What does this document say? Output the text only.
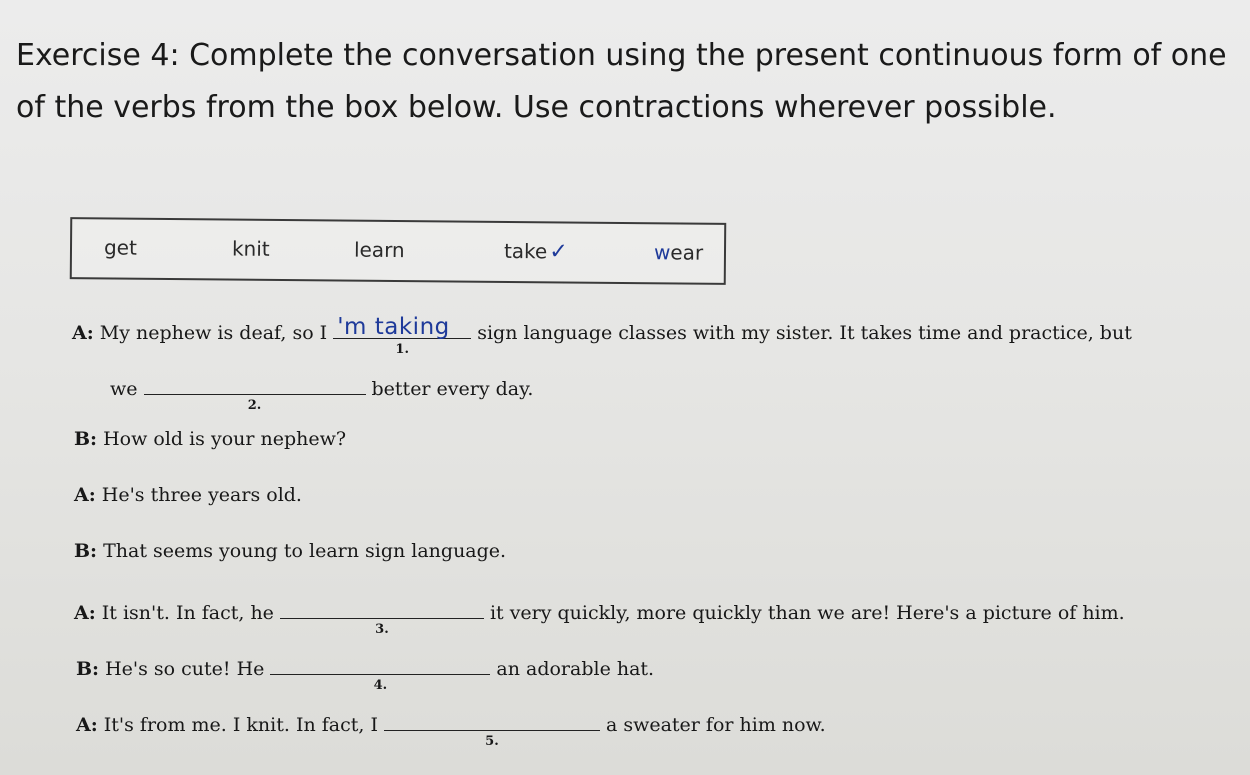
Exercise 4: Complete the conversation using the present continuous form of one of the verbs from the box below. Use contractions wherever possible.
get	knit	learn	take✓	wear
A: My nephew is deaf, so I 'm taking
1.
sign language classes with my sister. It takes time and practice, but
we
2.
better every day.
B: How old is your nephew?
A: He's three years old.
B: That seems young to learn sign language.
A: It isn't. In fact, he
3.
it very quickly, more quickly than we are! Here's a picture of him.
B: He's so cute! He
4.
an adorable hat.
A: It's from me. I knit. In fact, I
5.
a sweater for him now.
